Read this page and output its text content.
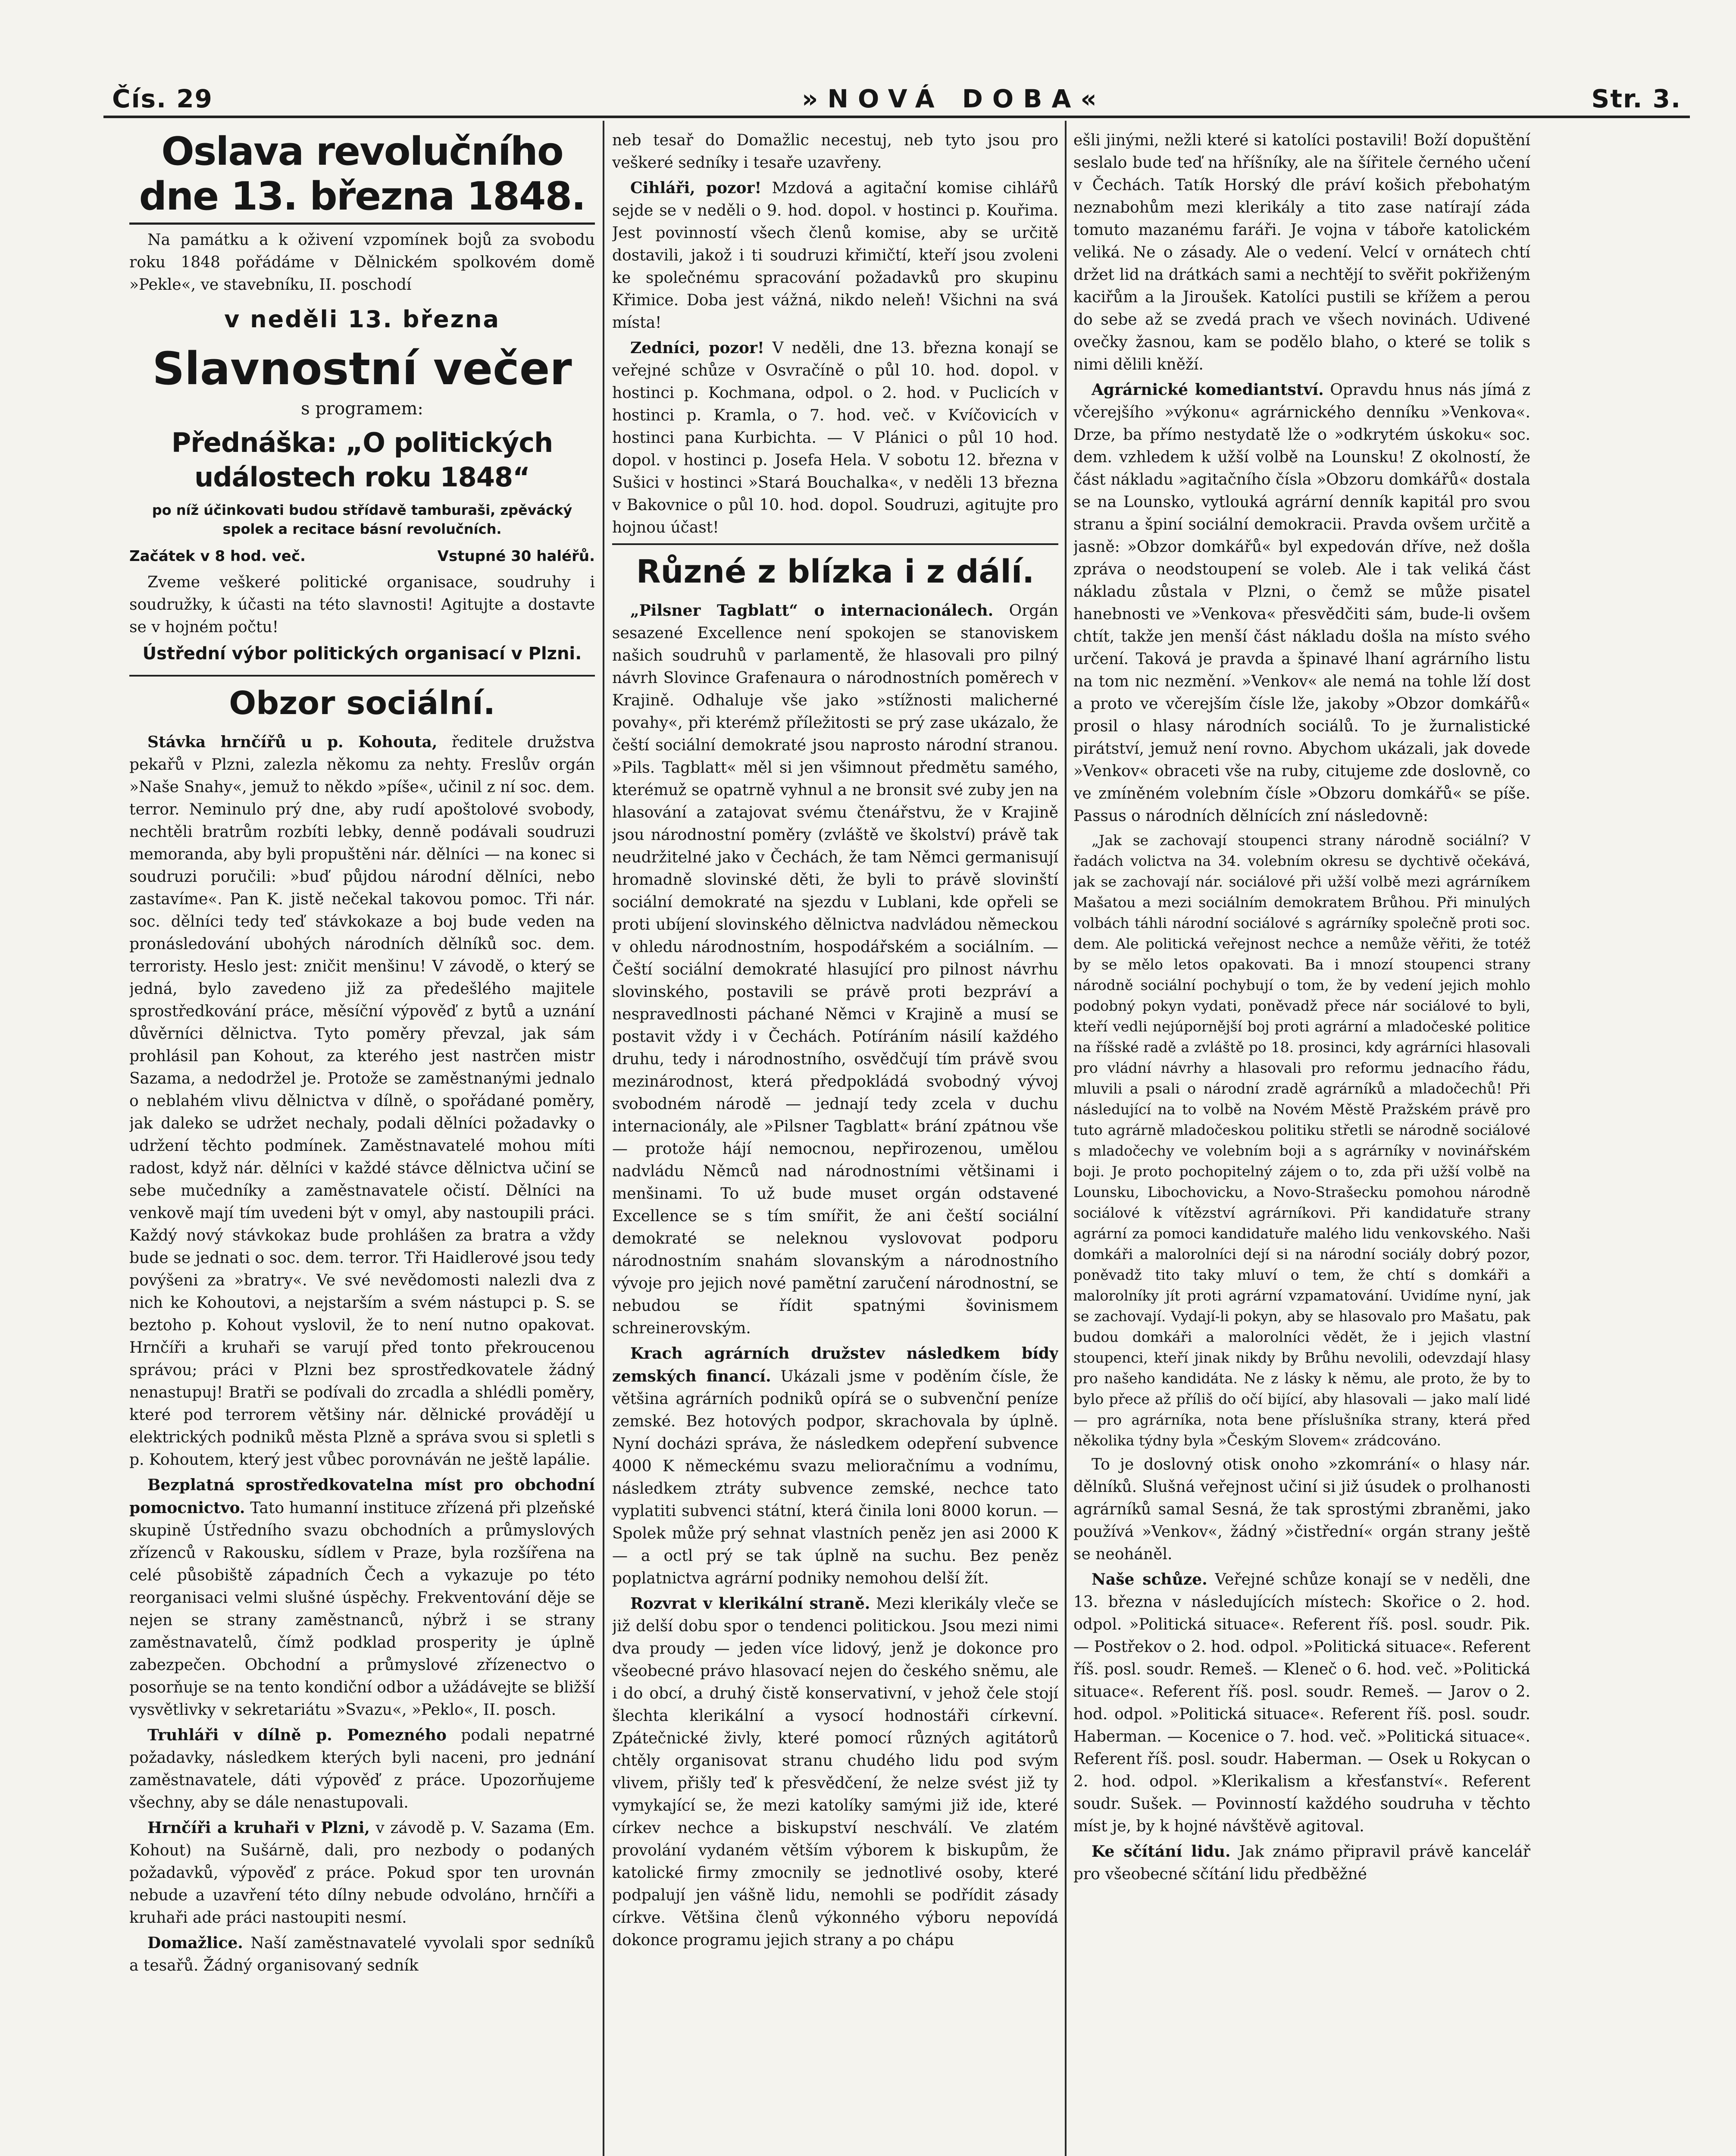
Čís. 29	»NOVÁ DOBA«	Str. 3.
Oslava revolučního dne 13. března 1848.

Na památku a k oživení vzpomínek bojů za svobodu roku 1848 pořádáme v Dělnickém spolkovém domě »Pekle«, ve stavebníku, II. poschodí

v neděli 13. března
Slavnostní večer
s programem:
Přednáška: „O politických událostech roku 1848“
po níž účinkovati budou střídavě tamburaši, zpěvácký spolek a recitace básní revolučních.
Začátek v 8 hod. več.	Vstupné 30 haléřů.

Zveme veškeré politické organisace, soudruhy i soudružky, k účasti na této slavnosti! Agitujte a dostavte se v hojném počtu!

Ústřední výbor politických organisací v Plzni.
Obzor sociální.

Stávka hrnčířů u p. Kohouta, ředitele družstva pekařů v Plzni, zalezla někomu za nehty. Freslův orgán »Naše Snahy«, jemuž to někdo »píše«, učinil z ní soc. dem. terror. Neminulo prý dne, aby rudí apoštolové svobody, nechtěli bratrům rozbíti lebky, denně podávali soudruzi memoranda, aby byli propuštěni nár. dělníci — na konec si soudruzi poručili: »buď půjdou národní dělníci, nebo zastavíme«. Pan K. jistě nečekal takovou pomoc. Tři nár. soc. dělníci tedy teď stávkokaze a boj bude veden na pronásledování ubohých národních dělníků soc. dem. terroristy. Heslo jest: zničit menšinu! V závodě, o který se jedná, bylo zavedeno již za předešlého majitele sprostředkování práce, měsíční výpověď z bytů a uznání důvěrníci dělnictva. Tyto poměry převzal, jak sám prohlásil pan Kohout, za kterého jest nastrčen mistr Sazama, a nedodržel je. Protože se zaměstnanými jednalo o neblahém vlivu dělnictva v dílně, o spořádané poměry, jak daleko se udržet nechaly, podali dělníci požadavky o udržení těchto podmínek. Zaměstnavatelé mohou míti radost, když nár. dělníci v každé stávce dělnictva učiní se sebe mučedníky a zaměstnavatele očistí. Dělníci na venkově mají tím uvedeni být v omyl, aby nastoupili práci. Každý nový stávkokaz bude prohlášen za bratra a vždy bude se jednati o soc. dem. terror. Tři Haidlerové jsou tedy povýšeni za »bratry«. Ve své nevědomosti nalezli dva z nich ke Kohoutovi, a nejstarším a svém nástupci p. S. se beztoho p. Kohout vyslovil, že to není nutno opakovat. Hrnčíři a kruhaři se varují před tonto překroucenou správou; práci v Plzni bez sprostředkovatele žádný nenastupuj! Bratři se podívali do zrcadla a shlédli poměry, které pod terrorem většiny nár. dělnické provádějí u elektrických podniků města Plzně a správa svou si spletli s p. Kohoutem, který jest vůbec porovnáván ne ještě lapálie.

Bezplatná sprostředkovatelna míst pro obchodní pomocnictvo. Tato humanní instituce zřízená při plzeňské skupině Ústředního svazu obchodních a průmyslových zřízenců v Rakousku, sídlem v Praze, byla rozšířena na celé působiště západních Čech a vykazuje po této reorganisaci velmi slušné úspěchy. Frekventování děje se nejen se strany zaměstnanců, nýbrž i se strany zaměstnavatelů, čímž podklad prosperity je úplně zabezpečen. Obchodní a průmyslové zřízenectvo o posorňuje se na tento kondiční odbor a užádávejte se bližší vysvětlivky v sekretariátu »Svazu«, »Peklo«, II. posch.

Truhláři v dílně p. Pomezného podali nepatrné požadavky, následkem kterých byli naceni, pro jednání zaměstnavatele, dáti výpověď z práce. Upozorňujeme všechny, aby se dále nenastupovali.

Hrnčíři a kruhaři v Plzni, v závodě p. V. Sazama (Em. Kohout) na Sušárně, dali, pro nezbody o podaných požadavků, výpověď z práce. Pokud spor ten urovnán nebude a uzavření této dílny nebude odvoláno, hrnčíři a kruhaři ade práci nastoupiti nesmí.

Domažlice. Naší zaměstnavatelé vyvolali spor sedníků a tesařů. Žádný organisovaný sedník

neb tesař do Domažlic necestuj, neb tyto jsou pro veškeré sedníky i tesaře uzavřeny.

Cihláři, pozor! Mzdová a agitační komise cihlářů sejde se v neděli o 9. hod. dopol. v hostinci p. Kouřima. Jest povinností všech členů komise, aby se určitě dostavili, jakož i ti soudruzi křimičtí, kteří jsou zvoleni ke společnému spracování požadavků pro skupinu Křimice. Doba jest vážná, nikdo neleň! Všichni na svá místa!

Zedníci, pozor! V neděli, dne 13. března konají se veřejné schůze v Osvračíně o půl 10. hod. dopol. v hostinci p. Kochmana, odpol. o 2. hod. v Puclicích v hostinci p. Kramla, o 7. hod. več. v Kvíčovicích v hostinci pana Kurbichta. — V Plánici o půl 10 hod. dopol. v hostinci p. Josefa Hela. V sobotu 12. března v Sušici v hostinci »Stará Bouchalka«, v neděli 13 března v Bakovnice o půl 10. hod. dopol. Soudruzi, agitujte pro hojnou účast!

Různé z blízka i z dálí.

„Pilsner Tagblatt“ o internacionálech. Orgán sesazené Excellence není spokojen se stanoviskem našich soudruhů v parlamentě, že hlasovali pro pilný návrh Slovince Grafenaura o národnostních poměrech v Krajině. Odhaluje vše jako »stížnosti malicherné povahy«, při kterémž příležitosti se prý zase ukázalo, že čeští sociální demokraté jsou naprosto národní stranou. »Pils. Tagblatt« měl si jen všimnout předmětu samého, kterémuž se opatrně vyhnul a ne bronsit své zuby jen na hlasování a zatajovat svému čtenářstvu, že v Krajině jsou národnostní poměry (zvláště ve školství) právě tak neudržitelné jako v Čechách, že tam Němci germanisují hromadně slovinské děti, že byli to právě slovinští sociální demokraté na sjezdu v Lublani, kde opřeli se proti ubíjení slovinského dělnictva nadvládou německou v ohledu národnostním, hospodářském a sociálním. — Čeští sociální demokraté hlasující pro pilnost návrhu slovinského, postavili se právě proti bezpráví a nespravedlnosti páchané Němci v Krajině a musí se postavit vždy i v Čechách. Potíráním násilí každého druhu, tedy i národnostního, osvědčují tím právě svou mezinárodnost, která předpokládá svobodný vývoj svobodném národě — jednají tedy zcela v duchu internacionály, ale »Pilsner Tagblatt« brání zpátnou vše — protože hájí nemocnou, nepřirozenou, umělou nadvládu Němců nad národnostními většinami i menšinami. To už bude muset orgán odstavené Excellence se s tím smířit, že ani čeští sociální demokraté se neleknou vyslovovat podporu národnostním snahám slovanským a národnostního vývoje pro jejich nové pamětní zaručení národnostní, se nebudou se řídit spatnými šovinismem schreinerovským.

Krach agrárních družstev následkem bídy zemských financí. Ukázali jsme v poděním čísle, že většina agrárních podniků opírá se o subvenční peníze zemské. Bez hotových podpor, skrachovala by úplně. Nyní docházi správa, že následkem odepření subvence 4000 K německému svazu melioračnímu a vodnímu, následkem ztráty subvence zemské, nechce tato vyplatiti subvenci státní, která činila loni 8000 korun. — Spolek může prý sehnat vlastních peněz jen asi 2000 K — a octl prý se tak úplně na suchu. Bez peněz poplatnictva agrární podniky nemohou delší žít.

Rozvrat v klerikální straně. Mezi klerikály vleče se již delší dobu spor o tendenci politickou. Jsou mezi nimi dva proudy — jeden více lidový, jenž je dokonce pro všeobecné právo hlasovací nejen do českého sněmu, ale i do obcí, a druhý čistě konservativní, v jehož čele stojí šlechta klerikální a vysocí hodnostáři církevní. Zpátečnické živly, které pomocí různých agitátorů chtěly organisovat stranu chudého lidu pod svým vlivem, přišly teď k přesvědčení, že nelze svést již ty vymykající se, že mezi katolíky samými již ide, které církev nechce a biskupství neschválí. Ve zlatém provolání vydaném větším výborem k biskupům, že katolické firmy zmocnily se jednotlivé osoby, které podpalují jen vášně lidu, nemohli se podřídit zásady církve. Většina členů výkonného výboru nepovídá dokonce programu jejich strany a po chápu

ešli jinými, nežli které si katolíci postavili! Boží dopuštění seslalo bude teď na hříšníky, ale na šířitele černého učení v Čechách. Tatík Horský dle práví košich přebohatým neznabohům mezi klerikály a tito zase natírají záda tomuto mazanému faráři. Je vojna v táboře katolickém veliká. Ne o zásady. Ale o vedení. Velcí v ornátech chtí držet lid na drátkách sami a nechtějí to svěřit pokřiženým kaciřům a la Jiroušek. Katolíci pustili se křížem a perou do sebe až se zvedá prach ve všech novinách. Udivené ovečky žasnou, kam se podělo blaho, o které se tolik s nimi dělili kněží.

Agrárnické komediantství. Opravdu hnus nás jímá z včerejšího »výkonu« agrárnického denníku »Venkova«. Drze, ba přímo nestydatě lže o »odkrytém úskoku« soc. dem. vzhledem k užší volbě na Lounsku! Z okolností, že část nákladu »agitačního čísla »Obzoru domkářů« dostala se na Lounsko, vytlouká agrární denník kapitál pro svou stranu a špiní sociální demokracii. Pravda ovšem určitě a jasně: »Obzor domkářů« byl expedován dříve, než došla zpráva o neodstoupení se voleb. Ale i tak veliká část nákladu zůstala v Plzni, o čemž se může pisatel hanebnosti ve »Venkova« přesvědčiti sám, bude-li ovšem chtít, takže jen menší část nákladu došla na místo svého určení. Taková je pravda a špinavé lhaní agrárního listu na tom nic nezmění. »Venkov« ale nemá na tohle lží dost a proto ve včerejším čísle lže, jakoby »Obzor domkářů« prosil o hlasy národních sociálů. To je žurnalistické pirátství, jemuž není rovno. Abychom ukázali, jak dovede »Venkov« obraceti vše na ruby, citujeme zde doslovně, co ve zmíněném volebním čísle »Obzoru domkářů« se píše. Passus o národních dělnících zní následovně:

„Jak se zachovají stoupenci strany národně sociální? V řadách volictva na 34. volebním okresu se dychtivě očekává, jak se zachovají nár. sociálové při užší volbě mezi agrárníkem Mašatou a mezi sociálním demokratem Brůhou. Při minulých volbách táhli národní sociálové s agrárníky společně proti soc. dem. Ale politická veřejnost nechce a nemůže věřiti, že totéž by se mělo letos opakovati. Ba i mnozí stoupenci strany národně sociální pochybují o tom, že by vedení jejich mohlo podobný pokyn vydati, poněvadž přece nár sociálové to byli, kteří vedli nejúpornější boj proti agrární a mladočeské politice na říšské radě a zvláště po 18. prosinci, kdy agrárníci hlasovali pro vládní návrhy a hlasovali pro reformu jednacího řádu, mluvili a psali o národní zradě agrárníků a mladočechů! Při následující na to volbě na Novém Městě Pražském právě pro tuto agrárně mladočeskou politiku střetli se národně sociálové s mladočechy ve volebním boji a s agrárníky v novinářském boji. Je proto pochopitelný zájem o to, zda při užší volbě na Lounsku, Libochovicku, a Novo-Strašecku pomohou národně sociálové k vítězství agrárníkovi. Při kandidatuře strany agrární za pomoci kandidatuře malého lidu venkovského. Naši domkáři a malorolníci dejí si na národní sociály dobrý pozor, poněvadž tito taky mluví o tem, že chtí s domkáři a malorolníky jít proti agrární vzpamatování. Uvidíme nyní, jak se zachovají. Vydají-li pokyn, aby se hlasovalo pro Mašatu, pak budou domkáři a malorolníci vědět, že i jejich vlastní stoupenci, kteří jinak nikdy by Brůhu nevolili, odevzdají hlasy pro našeho kandidáta. Ne z lásky k němu, ale proto, že by to bylo přece až příliš do očí bijící, aby hlasovali — jako malí lidé — pro agrárníka, nota bene příslušníka strany, která před několika týdny byla »Českým Slovem« zrádcováno.

To je doslovný otisk onoho »zkomrání« o hlasy nár. dělníků. Slušná veřejnost učiní si již úsudek o prolhanosti agrárníků samal Sesná, že tak sprostými zbraněmi, jako používá »Venkov«, žádný »čistřední« orgán strany ještě se neoháněl.

Naše schůze. Veřejné schůze konají se v neděli, dne 13. března v následujících místech: Skořice o 2. hod. odpol. »Politická situace«. Referent říš. posl. soudr. Pik. — Postřekov o 2. hod. odpol. »Politická situace«. Referent říš. posl. soudr. Remeš. — Kleneč o 6. hod. več. »Politická situace«. Referent říš. posl. soudr. Remeš. — Jarov o 2. hod. odpol. »Politická situace«. Referent říš. posl. soudr. Haberman. — Kocenice o 7. hod. več. »Politická situace«. Referent říš. posl. soudr. Haberman. — Osek u Rokycan o 2. hod. odpol. »Klerikalism a křesťanství«. Referent soudr. Sušek. — Povinností každého soudruha v těchto míst je, by k hojné návštěvě agitoval.

Ke sčítání lidu. Jak známo připravil právě kancelář pro všeobecné sčítání lidu předběžné
